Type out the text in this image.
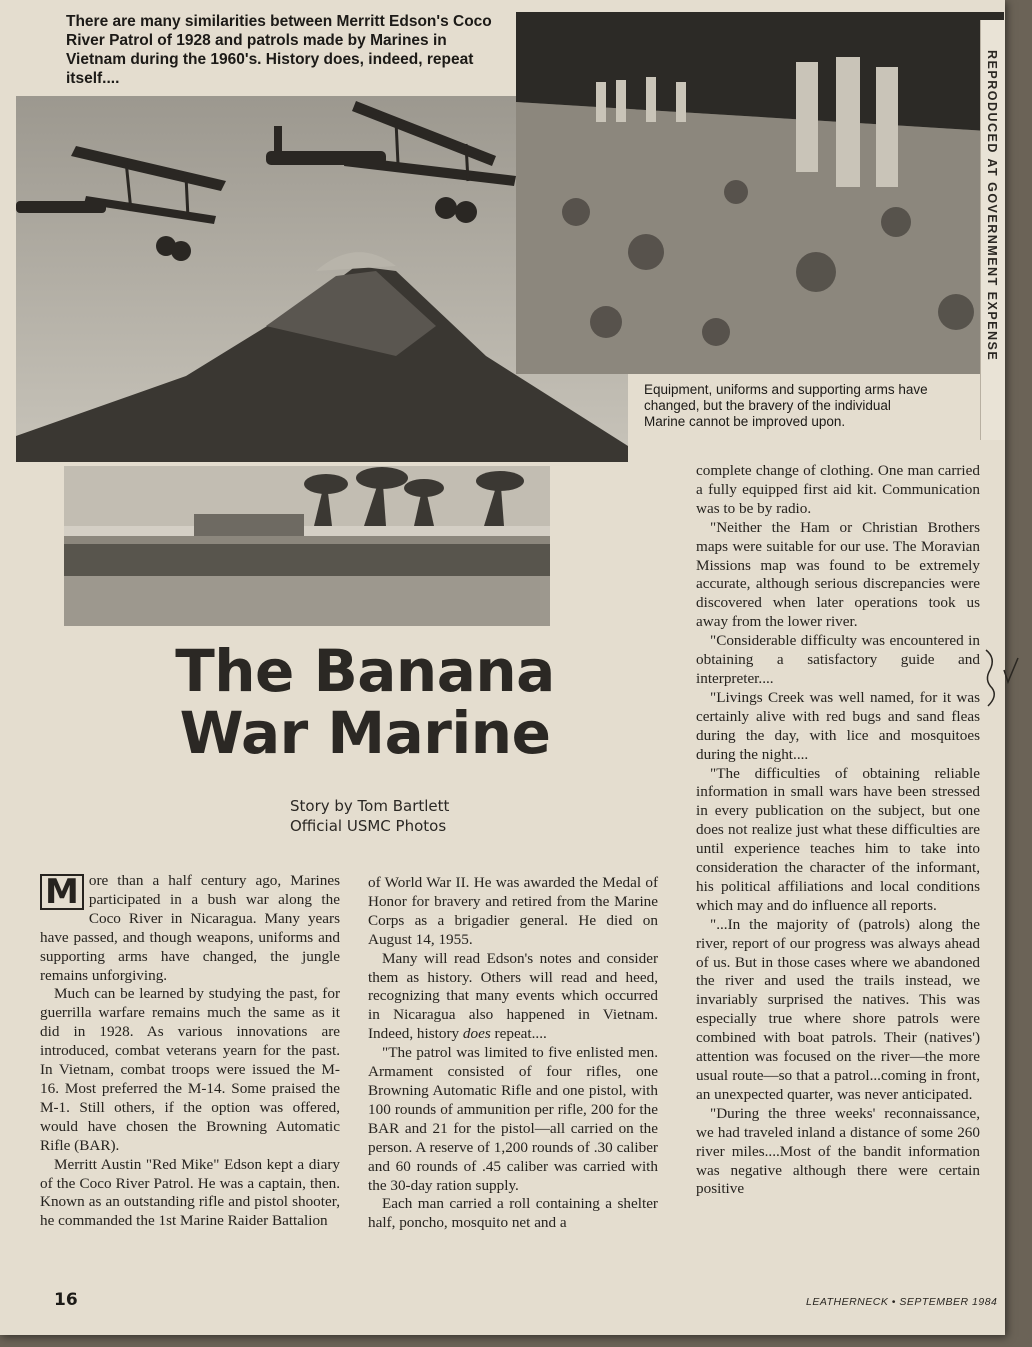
There are many similarities between Merritt Edson's Coco River Patrol of 1928 and patrols made by Marines in Vietnam during the 1960's. History does, indeed, repeat itself....

Equipment, uniforms and supporting arms have changed, but the bravery of the individual Marine cannot be improved upon.

REPRODUCED AT GOVERNMENT EXPENSE
The Banana
War Marine
Story by Tom Bartlett
Official USMC Photos

M ore than a half century ago, Marines participated in a bush war along the Coco River in Nicaragua. Many years have passed, and though weapons, uniforms and supporting arms have changed, the jungle remains unforgiving.

Much can be learned by studying the past, for guerrilla warfare remains much the same as it did in 1928. As various innovations are introduced, combat veterans yearn for the past. In Vietnam, combat troops were issued the M-16. Most preferred the M-14. Some praised the M-1. Still others, if the option was offered, would have chosen the Browning Automatic Rifle (BAR).

Merritt Austin "Red Mike" Edson kept a diary of the Coco River Patrol. He was a captain, then. Known as an outstanding rifle and pistol shooter, he commanded the 1st Marine Raider Battalion

of World War II. He was awarded the Medal of Honor for bravery and retired from the Marine Corps as a brigadier general. He died on August 14, 1955.

Many will read Edson's notes and consider them as history. Others will read and heed, recognizing that many events which occurred in Nicaragua also happened in Vietnam. Indeed, history does repeat....

"The patrol was limited to five enlisted men. Armament consisted of four rifles, one Browning Automatic Rifle and one pistol, with 100 rounds of ammunition per rifle, 200 for the BAR and 21 for the pistol—all carried on the person. A reserve of 1,200 rounds of .30 caliber and 60 rounds of .45 caliber was carried with the 30-day ration supply.

Each man carried a roll containing a shelter half, poncho, mosquito net and a

complete change of clothing. One man carried a fully equipped first aid kit. Communication was to be by radio.

"Neither the Ham or Christian Brothers maps were suitable for our use. The Moravian Missions map was found to be extremely accurate, although serious discrepancies were discovered when later operations took us away from the lower river.

"Considerable difficulty was encountered in obtaining a satisfactory guide and interpreter....

"Livings Creek was well named, for it was certainly alive with red bugs and sand fleas during the day, with lice and mosquitoes during the night....

"The difficulties of obtaining reliable information in small wars have been stressed in every publication on the subject, but one does not realize just what these difficulties are until experience teaches him to take into consideration the character of the informant, his political affiliations and local conditions which may and do influence all reports.

"...In the majority of (patrols) along the river, report of our progress was always ahead of us. But in those cases where we abandoned the river and used the trails instead, we invariably surprised the natives. This was especially true where shore patrols were combined with boat patrols. Their (natives') attention was focused on the river—the more usual route—so that a patrol...coming in front, an unexpected quarter, was never anticipated.

"During the three weeks' reconnaissance, we had traveled inland a distance of some 260 river miles....Most of the bandit information was negative although there were certain positive

16	LEATHERNECK • SEPTEMBER 1984
